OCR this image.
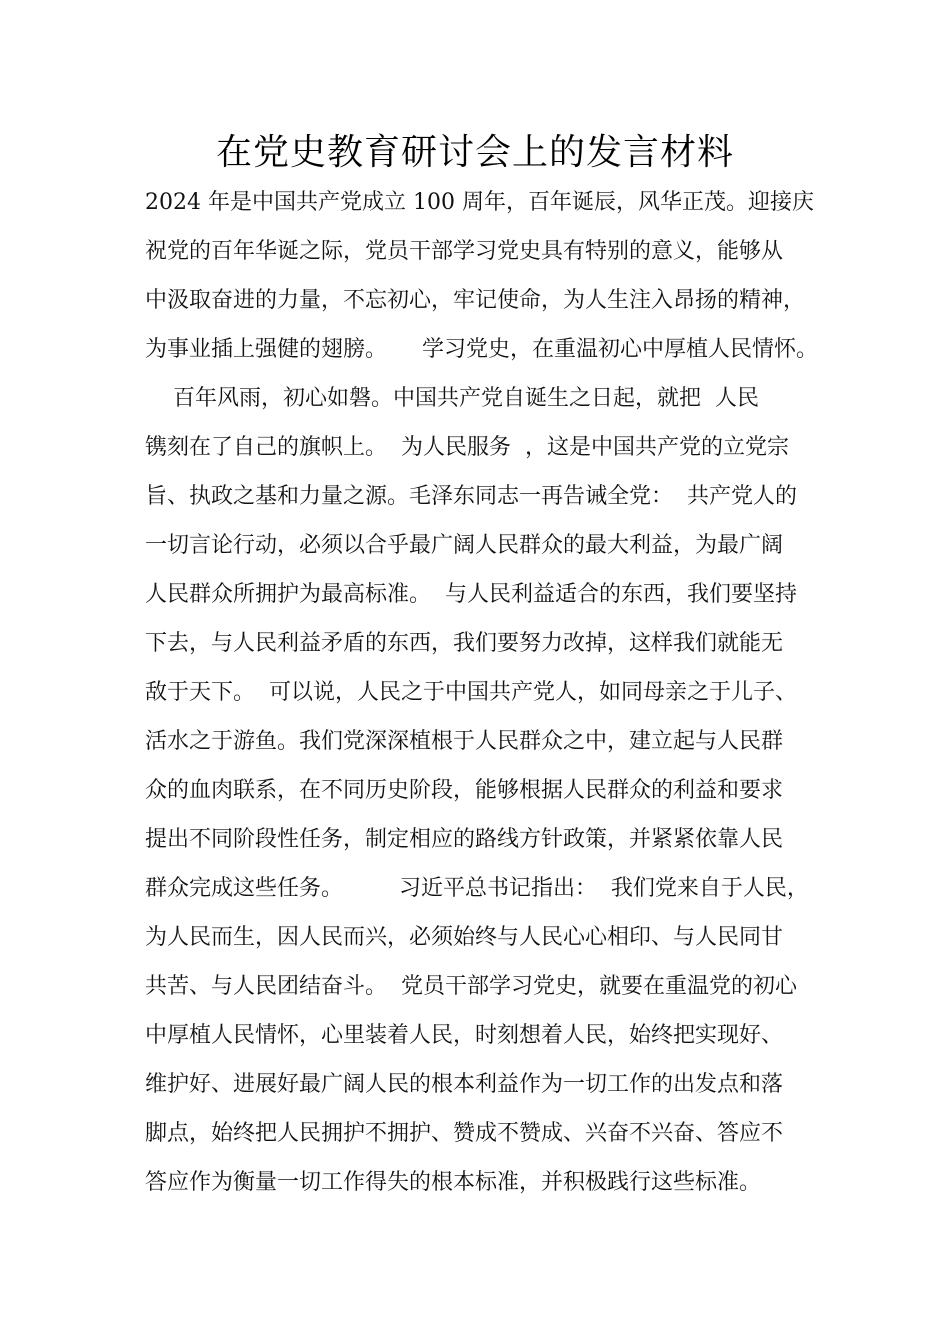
在党史教育研讨会上的发言材料

2024 年是中国共产党成立 100 周年，百年诞辰，风华正茂。迎接庆

祝党的百年华诞之际，党员干部学习党史具有特别的意义，能够从

中汲取奋进的力量，不忘初心，牢记使命，为人生注入昂扬的精神，

为事业插上强健的翅膀。     学习党史，在重温初心中厚植人民情怀。

百年风雨，初心如磐。中国共产党自诞生之日起，就把  人民

镌刻在了自己的旗帜上。  为人民服务  ，这是中国共产党的立党宗

旨、执政之基和力量之源。毛泽东同志一再告诫全党：  共产党人的

一切言论行动，必须以合乎最广阔人民群众的最大利益，为最广阔

人民群众所拥护为最高标准。  与人民利益适合的东西，我们要坚持

下去，与人民利益矛盾的东西，我们要努力改掉，这样我们就能无

敌于天下。  可以说，人民之于中国共产党人，如同母亲之于儿子、

活水之于游鱼。我们党深深植根于人民群众之中，建立起与人民群

众的血肉联系，在不同历史阶段，能够根据人民群众的利益和要求

提出不同阶段性任务，制定相应的路线方针政策，并紧紧依靠人民

群众完成这些任务。        习近平总书记指出：  我们党来自于人民，

为人民而生，因人民而兴，必须始终与人民心心相印、与人民同甘

共苦、与人民团结奋斗。  党员干部学习党史，就要在重温党的初心

中厚植人民情怀，心里装着人民，时刻想着人民，始终把实现好、

维护好、进展好最广阔人民的根本利益作为一切工作的出发点和落

脚点，始终把人民拥护不拥护、赞成不赞成、兴奋不兴奋、答应不

答应作为衡量一切工作得失的根本标准，并积极践行这些标准。
